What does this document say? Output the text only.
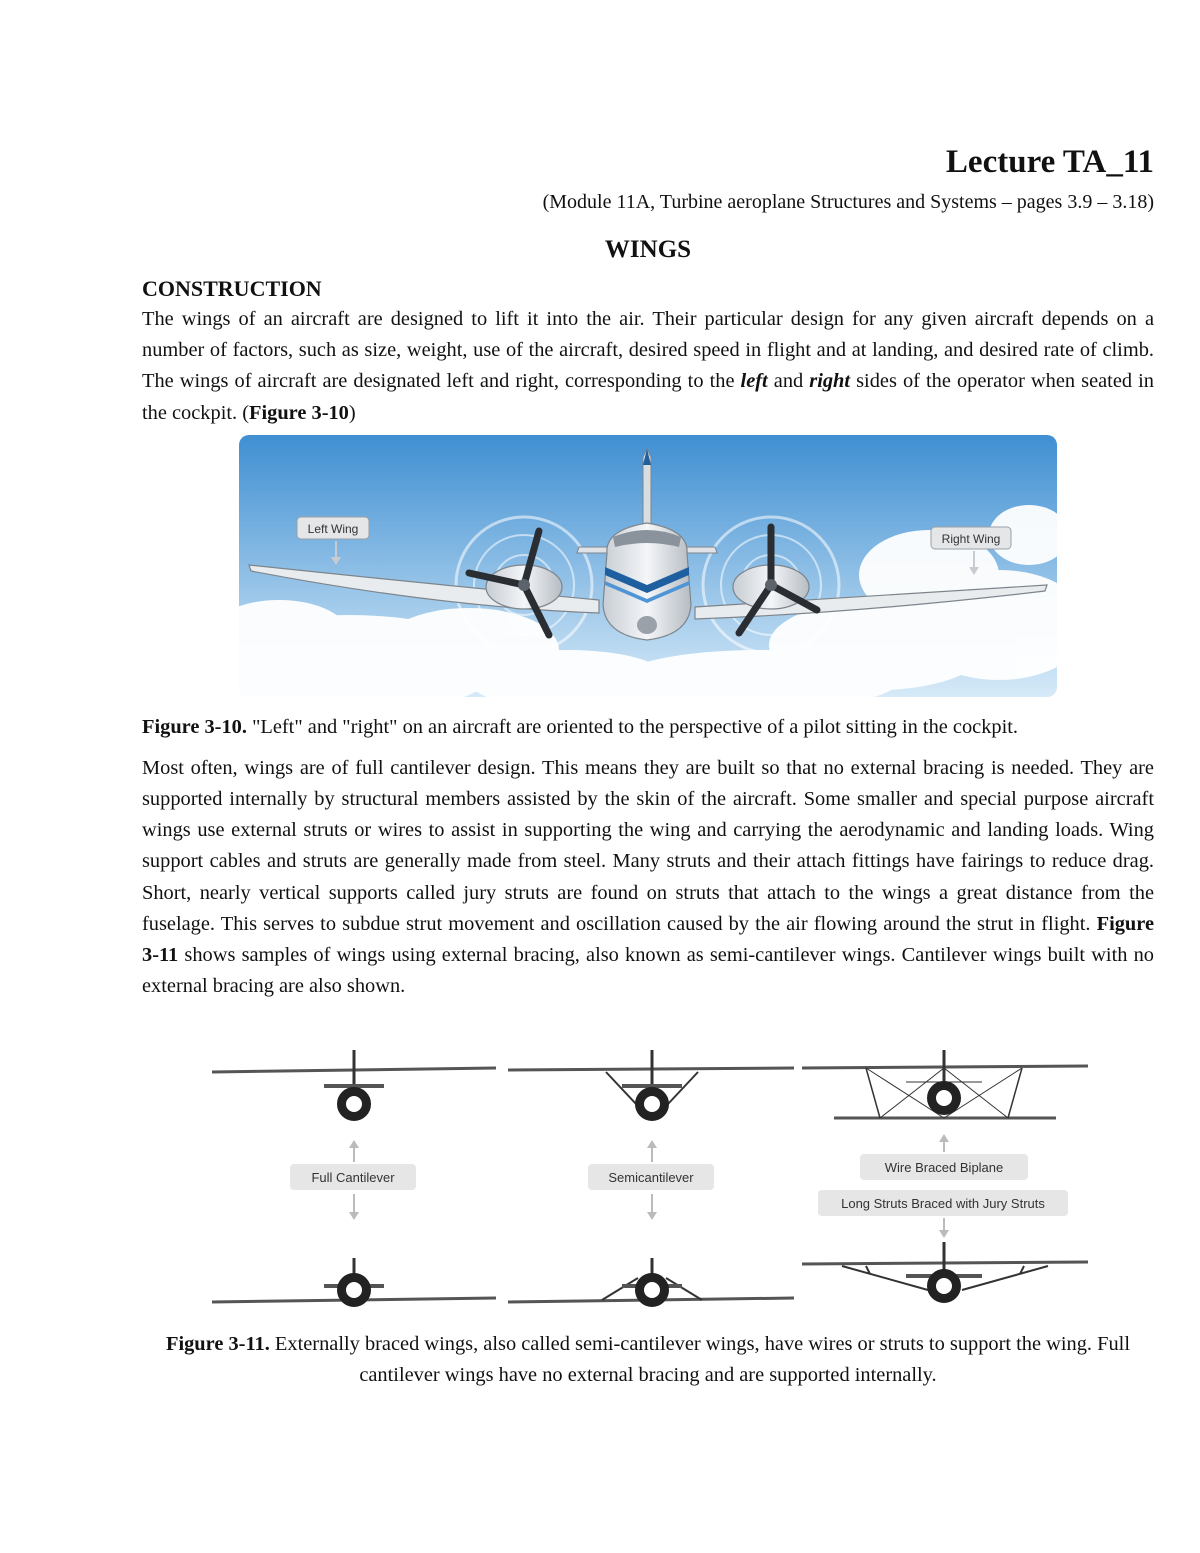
Lecture TA_11

(Module 11A, Turbine aeroplane Structures and Systems – pages 3.9 – 3.18)

WINGS
CONSTRUCTION

The wings of an aircraft are designed to lift it into the air. Their particular design for any given aircraft depends on a number of factors, such as size, weight, use of the aircraft, desired speed in flight and at landing, and desired rate of climb. The wings of aircraft are designated left and right, corresponding to the left and right sides of the operator when seated in the cockpit. (Figure 3-10)

Left Wing
Right Wing

Figure 3-10. "Left" and "right" on an aircraft are oriented to the perspective of a pilot sitting in the cockpit.

Most often, wings are of full cantilever design. This means they are built so that no external bracing is needed. They are supported internally by structural members assisted by the skin of the aircraft. Some smaller and special purpose aircraft wings use external struts or wires to assist in supporting the wing and carrying the aerodynamic and landing loads. Wing support cables and struts are generally made from steel. Many struts and their attach fittings have fairings to reduce drag. Short, nearly vertical supports called jury struts are found on struts that attach to the wings a great distance from the fuselage. This serves to subdue strut movement and oscillation caused by the air flowing around the strut in flight. Figure 3-11 shows samples of wings using external bracing, also known as semi-cantilever wings. Cantilever wings built with no external bracing are also shown.

Full Cantilever	Semicantilever
Wire Braced Biplane
Long Struts Braced with Jury Struts

Figure 3-11. Externally braced wings, also called semi-cantilever wings, have wires or struts to support the wing. Full cantilever wings have no external bracing and are supported internally.
